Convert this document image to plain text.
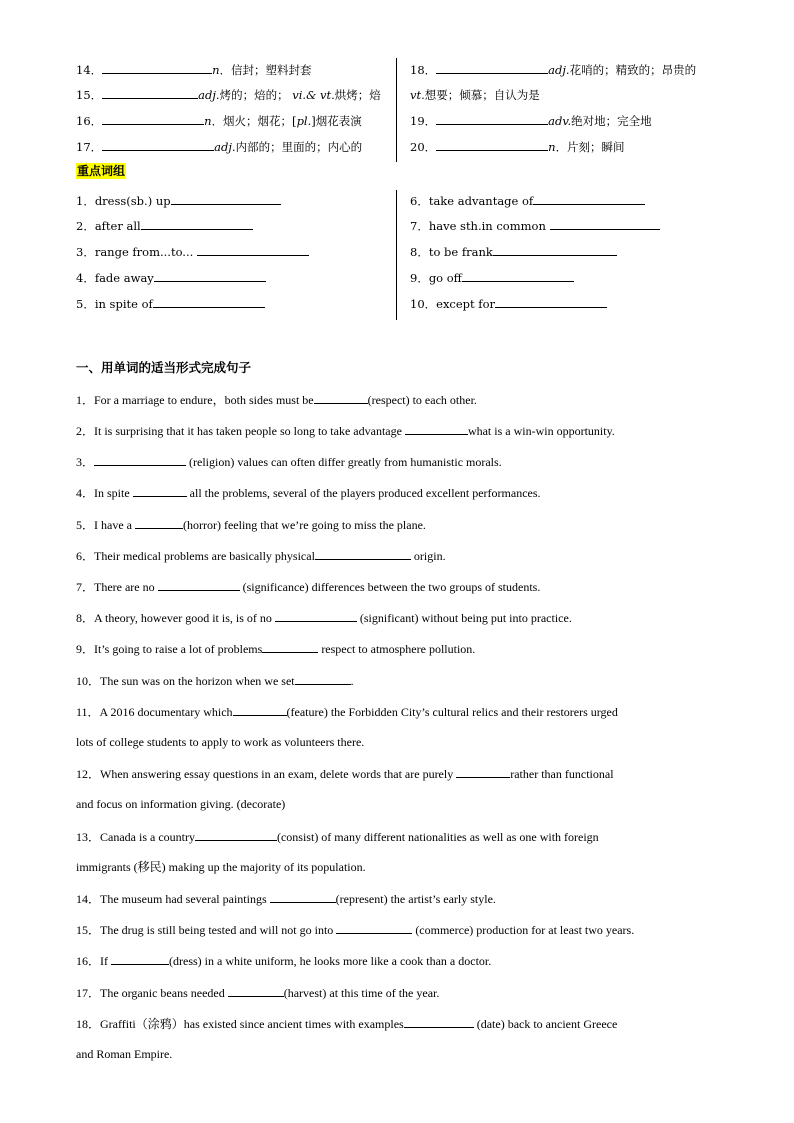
14．	n．信封；塑料封套
15．	adj.烤的；焙的； vi.& vt.烘烤；焙
16．	n．烟火；烟花；[pl.]烟花表演
17．	adj.内部的；里面的；内心的
18．	adj.花哨的；精致的；昂贵的
vt.想要；倾慕；自认为是
19．	adv.绝对地；完全地
20．	n．片刻；瞬间
重点词组
1．dress(sb.) up
2．after all
3．range from...to...
4．fade away
5．in spite of
6．take advantage of
7．have sth.in common
8．to be frank
9．go off
10．except for
一、用单词的适当形式完成句子
1．For a marriage to endure，both sides must be	(respect) to each other.
2．It is surprising that it has taken people so long to take advantage	what is a win-win opportunity.
3．	(religion) values can often differ greatly from humanistic morals.
4．In spite	all the problems, several of the players produced excellent performances.
5．I have a	(horror) feeling that we’re going to miss the plane.
6．Their medical problems are basically physical	origin.
7．There are no	(significance) differences between the two groups of students.
8．A theory, however good it is, is of no	(significant) without being put into practice.
9．It’s going to raise a lot of problems	respect to atmosphere pollution.
10．The sun was on the horizon when we set	.
11．A 2016 documentary which	(feature) the Forbidden City’s cultural relics and their restorers urged
lots of college students to apply to work as volunteers there.
12．When answering essay questions in an exam, delete words that are purely	rather than functional
and focus on information giving. (decorate)
13．Canada is a country	(consist) of many different nationalities as well as one with foreign
immigrants (移民) making up the majority of its population.
14．The museum had several paintings	(represent) the artist’s early style.
15．The drug is still being tested and will not go into	(commerce) production for at least two years.
16．If	(dress) in a white uniform, he looks more like a cook than a doctor.
17．The organic beans needed	(harvest) at this time of the year.
18．Graffiti（涂鸦）has existed since ancient times with examples	(date) back to ancient Greece
and Roman Empire.
